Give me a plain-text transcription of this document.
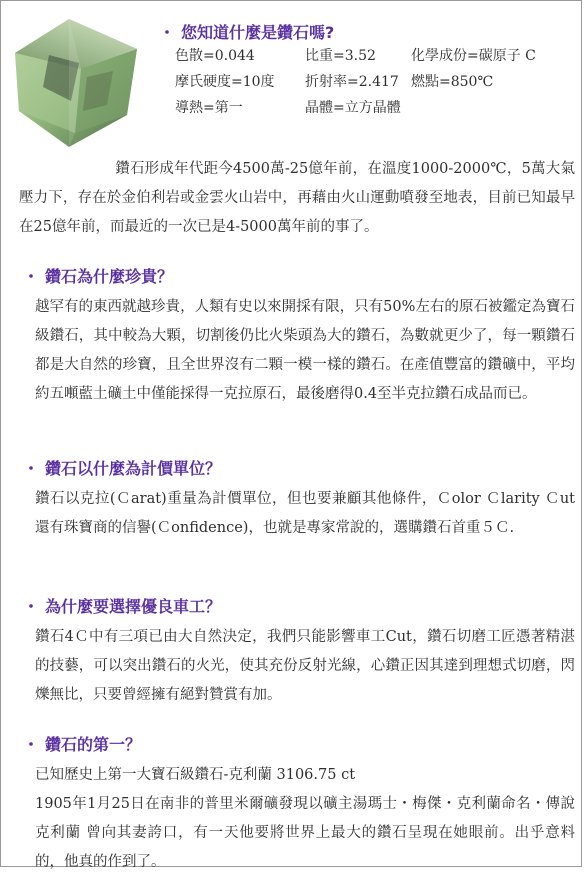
・ 您知道什麼是鑽石嗎?
色散=0.044	比重=3.52	化學成份=碳原子 C
摩氏硬度=10度	折射率=2.417 燃點=850℃
導熱=第一	晶體=立方晶體
鑽石形成年代距今4500萬-25億年前，在溫度1000-2000℃，5萬大氣壓力下，存在於金伯利岩或金雲火山岩中，再藉由火山運動噴發至地表，目前已知最早在25億年前，而最近的一次已是4-5000萬年前的事了。
・ 鑽石為什麼珍貴？
越罕有的東西就越珍貴，人類有史以來開採有限，只有50%左右的原石被鑑定為寶石級鑽石，其中較為大顆，切割後仍比火柴頭為大的鑽石，為數就更少了，每一顆鑽石都是大自然的珍寶，且全世界沒有二顆一模一樣的鑽石。在產值豐富的鑽礦中，平均約五噸藍土礦土中僅能採得一克拉原石，最後磨得0.4至半克拉鑽石成品而已。
・ 鑽石以什麼為計價單位？
鑽石以克拉(Ｃarat)重量為計價單位，但也要兼顧其他條件，Ｃolor Ｃlarity Ｃut 還有珠寶商的信譽(Ｃonfidence)，也就是專家常說的，選購鑽石首重５Ｃ.
・ 為什麼要選擇優良車工？
鑽石4Ｃ中有三項已由大自然決定，我們只能影響車工Cut，鑽石切磨工匠憑著精湛的技藝，可以突出鑽石的火光，使其充份反射光線，心鑽正因其達到理想式切磨，閃爍無比，只要曾經擁有絕對贊賞有加。
・ 鑽石的第一？
已知歷史上第一大寶石級鑽石-克利蘭 3106.75 ct
1905年1月25日在南非的普里米爾礦發現以礦主湯瑪士・梅傑・克利蘭命名・傳說 克利蘭 曾向其妻誇口，有一天他要將世界上最大的鑽石呈現在她眼前。出乎意料的，他真的作到了。
